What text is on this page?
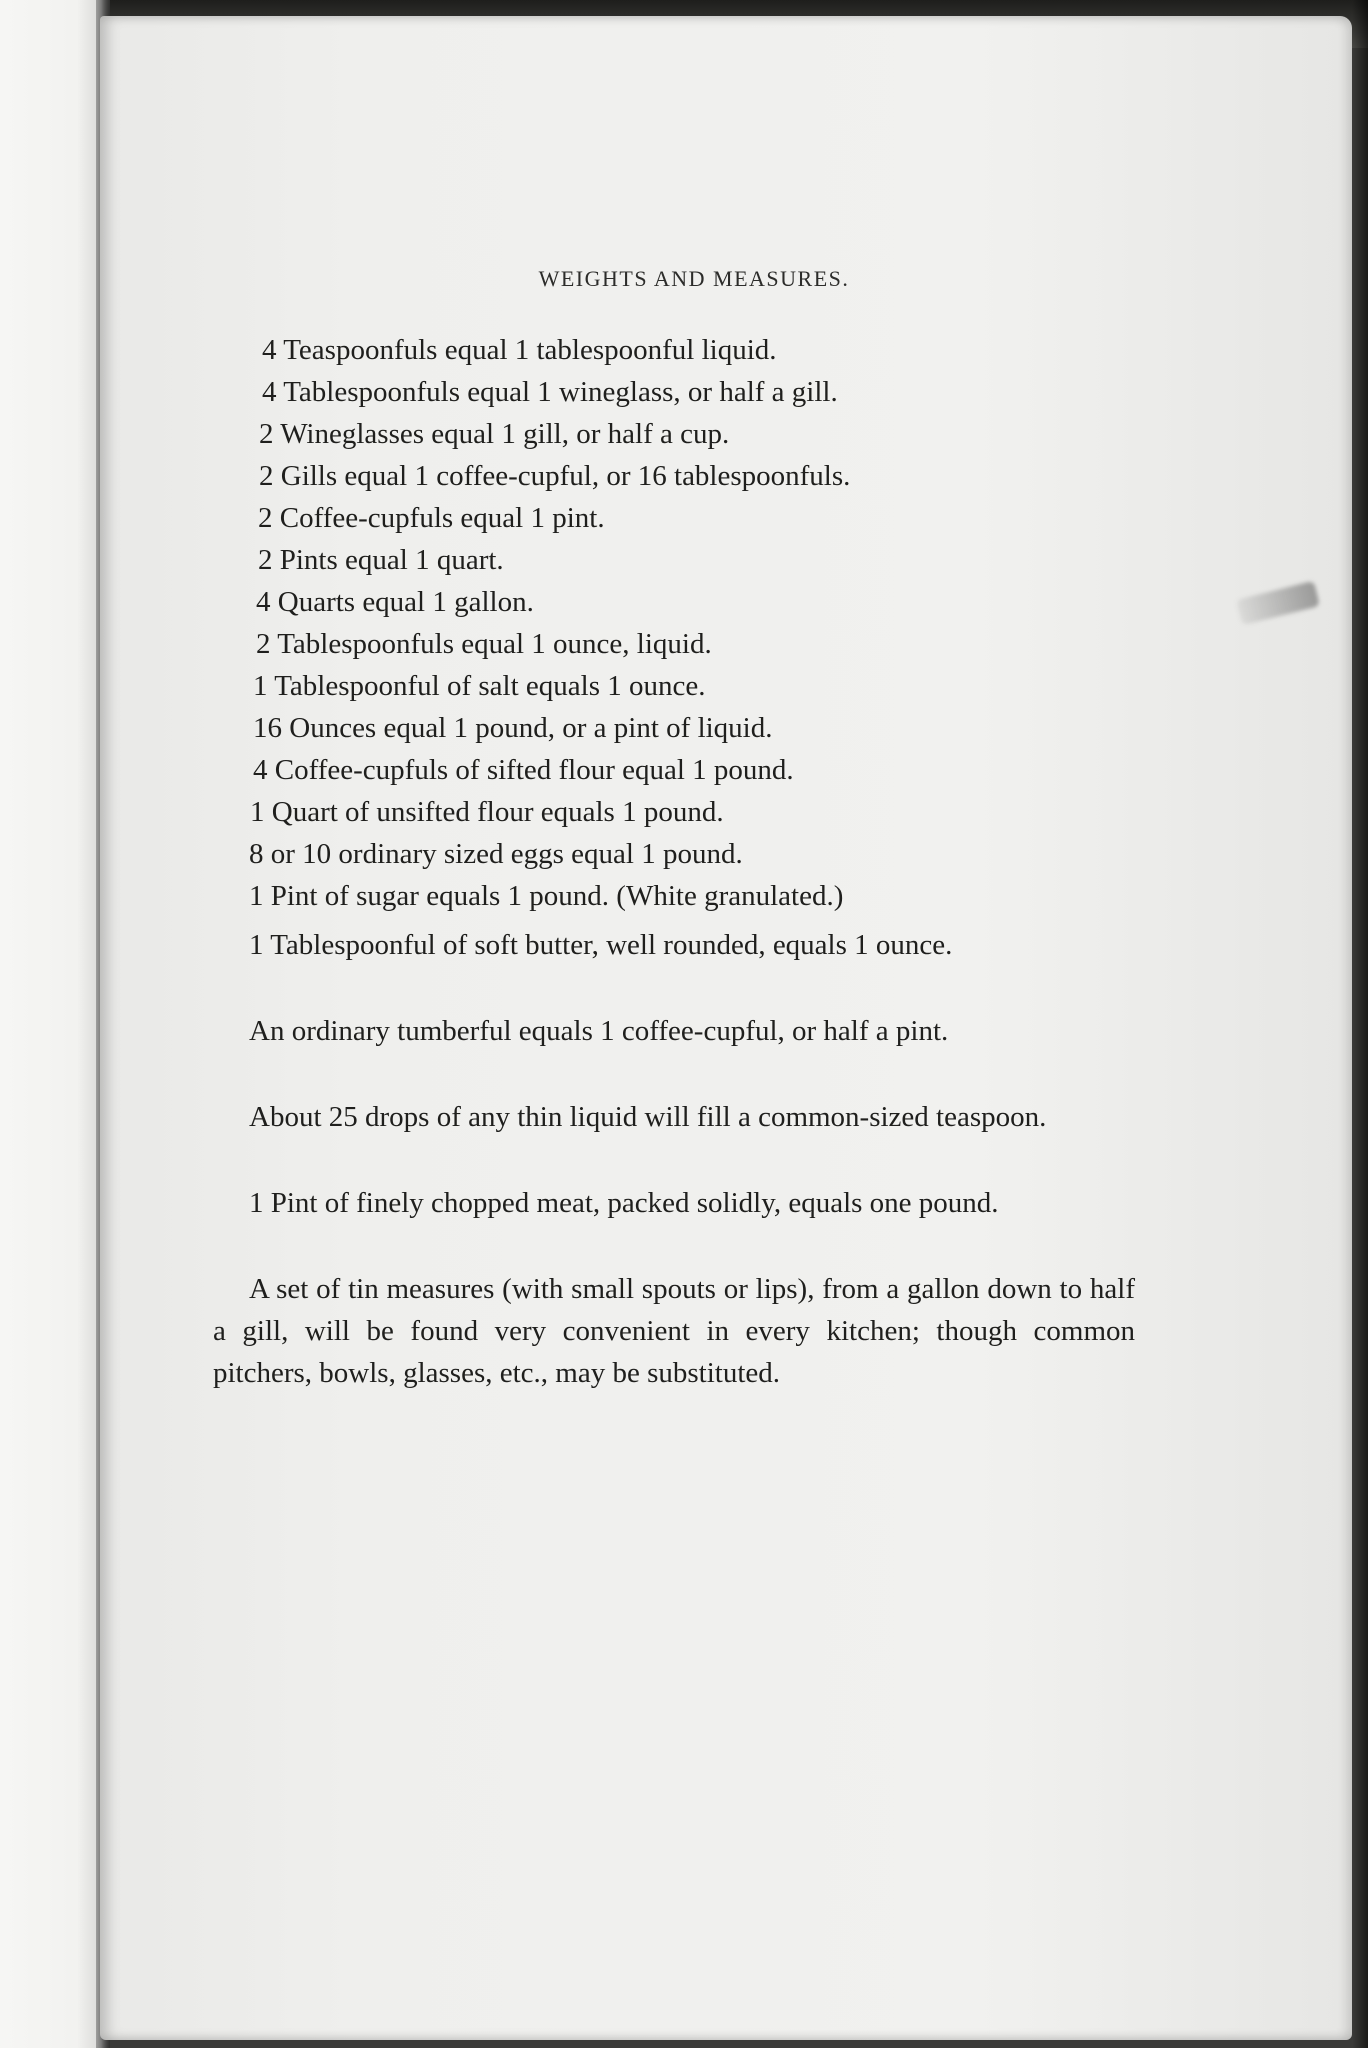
WEIGHTS AND MEASURES.
4 Teaspoonfuls equal 1 tablespoonful liquid.
4 Tablespoonfuls equal 1 wineglass, or half a gill.
2 Wineglasses equal 1 gill, or half a cup.
2 Gills equal 1 coffee-cupful, or 16 tablespoonfuls.
2 Coffee-cupfuls equal 1 pint.
2 Pints equal 1 quart.
4 Quarts equal 1 gallon.
2 Tablespoonfuls equal 1 ounce, liquid.
1 Tablespoonful of salt equals 1 ounce.
16 Ounces equal 1 pound, or a pint of liquid.
4 Coffee-cupfuls of sifted flour equal 1 pound.
1 Quart of unsifted flour equals 1 pound.
8 or 10 ordinary sized eggs equal 1 pound.
1 Pint of sugar equals 1 pound. (White granulated.)
1 Tablespoonful of soft butter, well rounded, equals 1 ounce.
An ordinary tumberful equals 1 coffee-cupful, or half a pint.
About 25 drops of any thin liquid will fill a common-sized teaspoon.
1 Pint of finely chopped meat, packed solidly, equals one pound.
A set of tin measures (with small spouts or lips), from a gallon down to half a gill, will be found very convenient in every kitchen; though common pitchers, bowls, glasses, etc., may be substituted.
